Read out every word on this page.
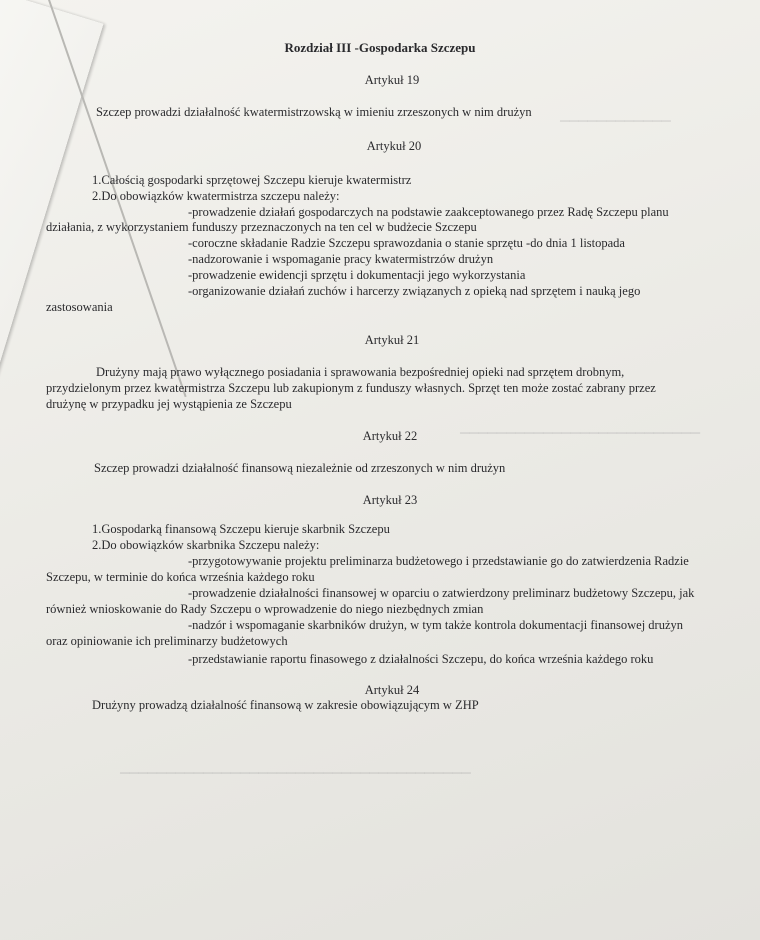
▁▁▁▁▁▁▁▁▁▁▁▁
▁▁▁▁▁▁▁▁▁▁▁▁▁▁▁▁▁▁▁▁▁▁▁▁▁▁
▁▁▁▁▁▁▁▁▁▁▁▁▁▁▁▁▁▁▁▁▁▁▁▁▁▁▁▁▁▁▁▁▁▁▁▁▁▁
Rozdział III -Gospodarka Szczepu
Artykuł 19
Szczep prowadzi działalność kwatermistrzowską w imieniu zrzeszonych w nim drużyn
Artykuł 20
1.Całością gospodarki sprzętowej Szczepu kieruje kwatermistrz
2.Do obowiązków kwatermistrza szczepu należy:
-prowadzenie działań gospodarczych na podstawie zaakceptowanego przez Radę Szczepu planu
działania, z wykorzystaniem funduszy przeznaczonych na ten cel w budżecie Szczepu
-coroczne składanie Radzie Szczepu sprawozdania o stanie sprzętu -do dnia 1 listopada
-nadzorowanie i wspomaganie pracy kwatermistrzów drużyn
-prowadzenie ewidencji sprzętu i dokumentacji jego wykorzystania
-organizowanie działań zuchów i harcerzy związanych z opieką nad sprzętem i nauką jego
zastosowania
Artykuł 21
Drużyny mają prawo wyłącznego posiadania i sprawowania bezpośredniej opieki nad sprzętem drobnym,
przydzielonym przez kwatermistrza Szczepu lub zakupionym z funduszy własnych. Sprzęt ten może zostać zabrany przez
drużynę w przypadku jej wystąpienia ze Szczepu
Artykuł 22
Szczep prowadzi działalność finansową niezależnie od zrzeszonych w nim drużyn
Artykuł 23
1.Gospodarką finansową Szczepu kieruje skarbnik Szczepu
2.Do obowiązków skarbnika Szczepu należy:
-przygotowywanie projektu preliminarza budżetowego i przedstawianie go do zatwierdzenia Radzie
Szczepu, w terminie do końca września każdego roku
-prowadzenie działalności finansowej w oparciu o zatwierdzony preliminarz budżetowy Szczepu, jak
również wnioskowanie do Rady Szczepu o wprowadzenie do niego niezbędnych zmian
-nadzór i wspomaganie skarbników drużyn, w tym także kontrola dokumentacji finansowej drużyn
oraz opiniowanie ich preliminarzy budżetowych
-przedstawianie raportu finasowego z działalności Szczepu, do końca września każdego roku
Artykuł 24
Drużyny prowadzą działalność finansową w zakresie obowiązującym w ZHP
